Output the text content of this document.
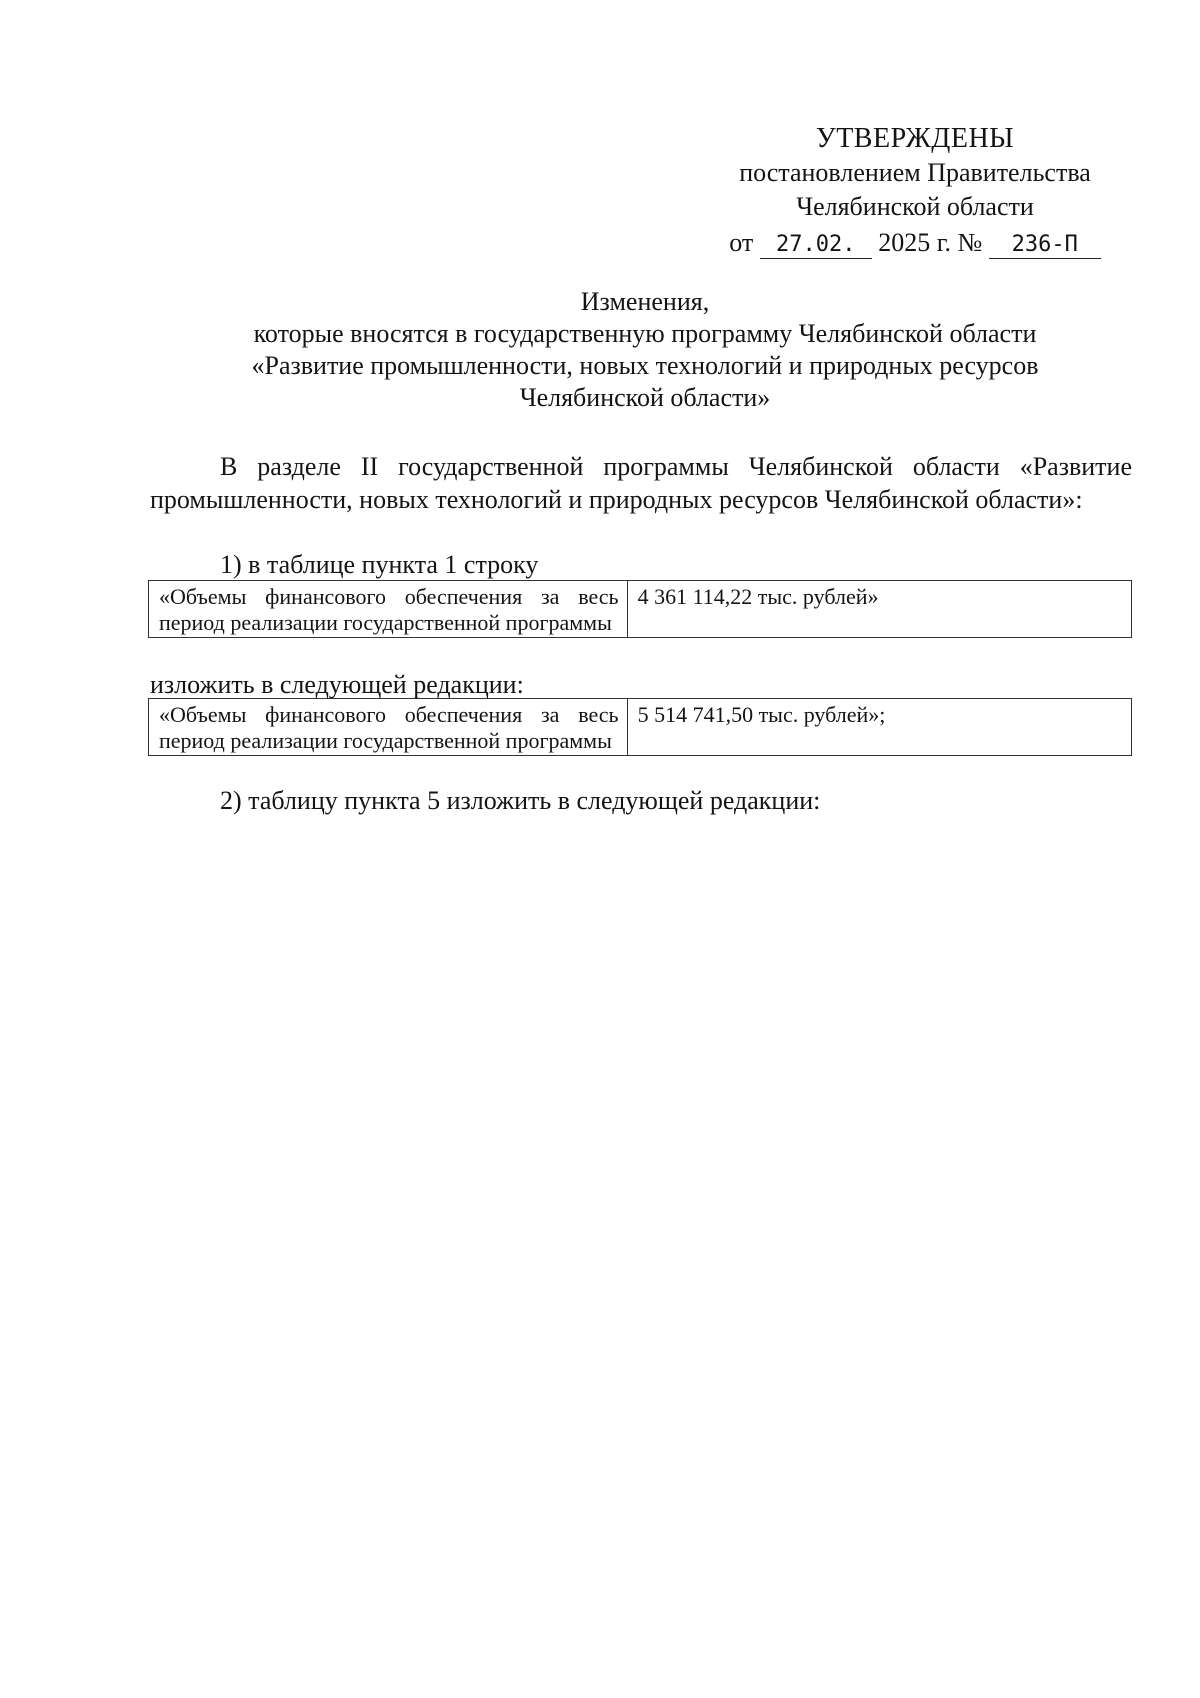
УТВЕРЖДЕНЫ
постановлением Правительства
Челябинской области
от 27.02. 2025 г. № 236-П
Изменения,
которые вносятся в государственную программу Челябинской области
«Развитие промышленности, новых технологий и природных ресурсов
Челябинской области»
В разделе II государственной программы Челябинской области «Развитие промышленности, новых технологий и природных ресурсов Челябинской области»:
1) в таблице пункта 1 строку
«Объемы финансового обеспечения за весь период реализации государственной программы	4 361 114,22 тыс. рублей»
изложить в следующей редакции:
«Объемы финансового обеспечения за весь период реализации государственной программы	5 514 741,50 тыс. рублей»;
2) таблицу пункта 5 изложить в следующей редакции:
